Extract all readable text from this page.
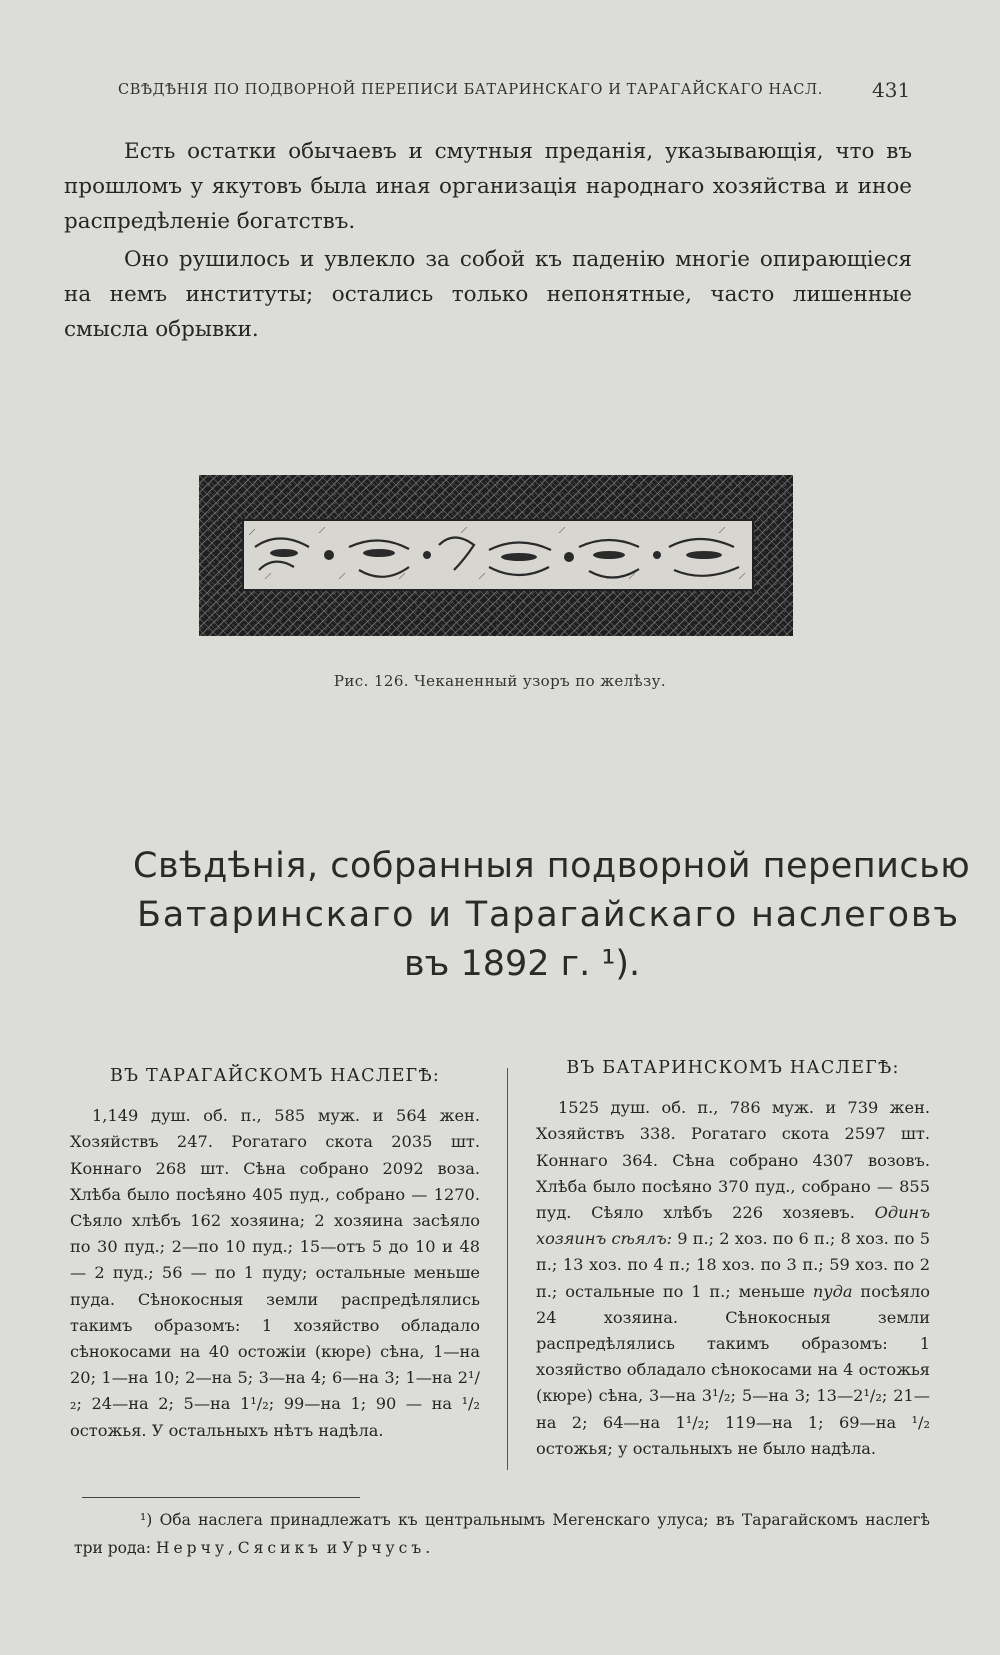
СВѢДѢНІЯ ПО ПОДВОРНОЙ ПЕРЕПИСИ БАТАРИНСКАГО И ТАРАГАЙСКАГО НАСЛ.	431

Есть остатки обычаевъ и смутныя преданія, указывающія, что въ прошломъ у якутовъ была иная организація народнаго хозяйства и иное распредѣленіе богатствъ.

Оно рушилось и увлекло за собой къ паденію многіе опирающіеся на немъ институты; остались только непонятные, часто лишенные смысла обрывки.

Рис. 126. Чеканенный узоръ по желѣзу.
Свѣдѣнія, собранныя подворной переписью
Батаринскаго и Тарагайскаго наслеговъ
въ 1892 г. ¹).
ВЪ ТАРАГАЙСКОМЪ НАСЛЕГѢ:

1,149 душ. об. п., 585 муж. и 564 жен. Хозяйствъ 247. Рогатаго скота 2035 шт. Коннаго 268 шт. Сѣна собрано 2092 воза. Хлѣба было посѣяно 405 пуд., собрано — 1270. Сѣяло хлѣбъ 162 хозяина; 2 хозяина засѣяло по 30 пуд.; 2—по 10 пуд.; 15—отъ 5 до 10 и 48 — 2 пуд.; 56 — по 1 пуду; остальные меньше пуда. Сѣнокосныя земли распредѣлялись такимъ образомъ: 1 хозяйство обладало сѣнокосами на 40 остожіи (кюре) сѣна, 1—на 20; 1—на 10; 2—на 5; 3—на 4; 6—на 3; 1—на 2¹/₂; 24—на 2; 5—на 1¹/₂; 99—на 1; 90 — на ¹/₂ остожья. У остальныхъ нѣтъ надѣла.

ВЪ БАТАРИНСКОМЪ НАСЛЕГѢ:

1525 душ. об. п., 786 муж. и 739 жен. Хозяйствъ 338. Рогатаго скота 2597 шт. Коннаго 364. Сѣна собрано 4307 возовъ. Хлѣба было посѣяно 370 пуд., собрано — 855 пуд. Сѣяло хлѣбъ 226 хозяевъ. Одинъ хозяинъ сѣялъ: 9 п.; 2 хоз. по 6 п.; 8 хоз. по 5 п.; 13 хоз. по 4 п.; 18 хоз. по 3 п.; 59 хоз. по 2 п.; остальные по 1 п.; меньше пуда посѣяло 24 хозяина. Сѣнокосныя земли распредѣлялись такимъ образомъ: 1 хозяйство обладало сѣнокосами на 4 остожья (кюре) сѣна, 3—на 3¹/₂; 5—на 3; 13—2¹/₂; 21—на 2; 64—на 1¹/₂; 119—на 1; 69—на ¹/₂ остожья; у остальныхъ не было надѣла.

¹) Оба наслега принадлежатъ къ центральнымъ Мегенскаго улуса; въ Тарагайскомъ наслегѣ три рода: Нерчу, Сясикъ и Урчусъ.
